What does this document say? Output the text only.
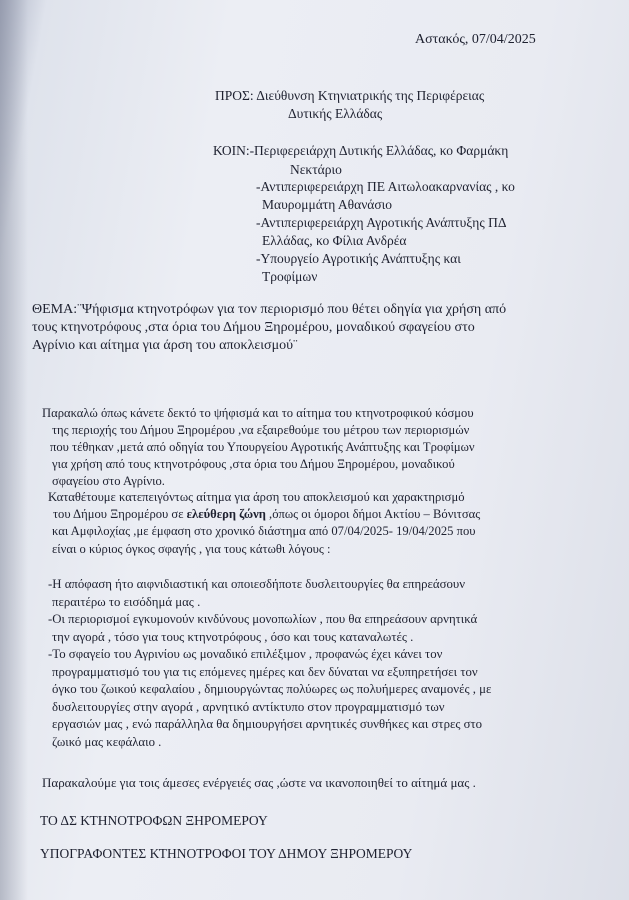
Αστακός, 07/04/2025
ΠΡΟΣ: Διεύθυνση Κτηνιατρικής της Περιφέρειας
Δυτικής Ελλάδας
ΚΟΙΝ:-Περιφερειάρχη Δυτικής Ελλάδας, κο Φαρμάκη
Νεκτάριο
-Αντιπεριφερειάρχη ΠΕ Αιτωλοακαρνανίας , κο
Μαυρομμάτη Αθανάσιο
-Αντιπεριφερειάρχη Αγροτικής Ανάπτυξης ΠΔ
Ελλάδας, κο Φίλια Ανδρέα
-Υπουργείο Αγροτικής Ανάπτυξης και
Τροφίμων
ΘΕΜΑ:¨Ψήφισμα κτηνοτρόφων για τον περιορισμό που θέτει οδηγία για χρήση από
τους κτηνοτρόφους ,στα όρια του Δήμου Ξηρομέρου, μοναδικού σφαγείου στο
Αγρίνιο και αίτημα για άρση του αποκλεισμού¨
Παρακαλώ όπως κάνετε δεκτό το ψήφισμά και το αίτημα του κτηνοτροφικού κόσμου
της περιοχής του Δήμου Ξηρομέρου ,να εξαιρεθούμε του μέτρου των περιορισμών
που τέθηκαν ,μετά από οδηγία του Υπουργείου Αγροτικής Ανάπτυξης και Τροφίμων
για χρήση από τους κτηνοτρόφους ,στα όρια του Δήμου Ξηρομέρου, μοναδικού
σφαγείου στο Αγρίνιο.
Καταθέτουμε κατεπειγόντως αίτημα για άρση του αποκλεισμού και χαρακτηρισμό
του Δήμου Ξηρομέρου σε ελεύθερη ζώνη ,όπως οι όμοροι δήμοι Ακτίου – Βόνιτσας
και Αμφιλοχίας ,με έμφαση στο χρονικό διάστημα από 07/04/2025- 19/04/2025 που
είναι ο κύριος όγκος σφαγής , για τους κάτωθι λόγους :
-Η απόφαση ήτο αιφνιδιαστική και οποιεσδήποτε δυσλειτουργίες θα επηρεάσουν
περαιτέρω το εισόδημά μας .
-Οι περιορισμοί εγκυμονούν κινδύνους μονοπωλίων , που θα επηρεάσουν αρνητικά
την αγορά , τόσο για τους κτηνοτρόφους , όσο και τους καταναλωτές .
-Το σφαγείο του Αγρινίου ως μοναδικό επιλέξιμον , προφανώς έχει κάνει τον
προγραμματισμό του για τις επόμενες ημέρες και δεν δύναται να εξυπηρετήσει τον
όγκο του ζωικού κεφαλαίου , δημιουργώντας πολύωρες ως πολυήμερες αναμονές , με
δυσλειτουργίες στην αγορά , αρνητικό αντίκτυπο στον προγραμματισμό των
εργασιών μας , ενώ παράλληλα θα δημιουργήσει αρνητικές συνθήκες και στρες στο
ζωικό μας κεφάλαιο .
Παρακαλούμε για τοις άμεσες ενέργειές σας ,ώστε να ικανοποιηθεί το αίτημά μας .
ΤΟ ΔΣ ΚΤΗΝΟΤΡΟΦΩΝ ΞΗΡΟΜΕΡΟΥ
ΥΠΟΓΡΑΦΟΝΤΕΣ ΚΤΗΝΟΤΡΟΦΟΙ ΤΟΥ ΔΗΜΟΥ ΞΗΡΟΜΕΡΟΥ
